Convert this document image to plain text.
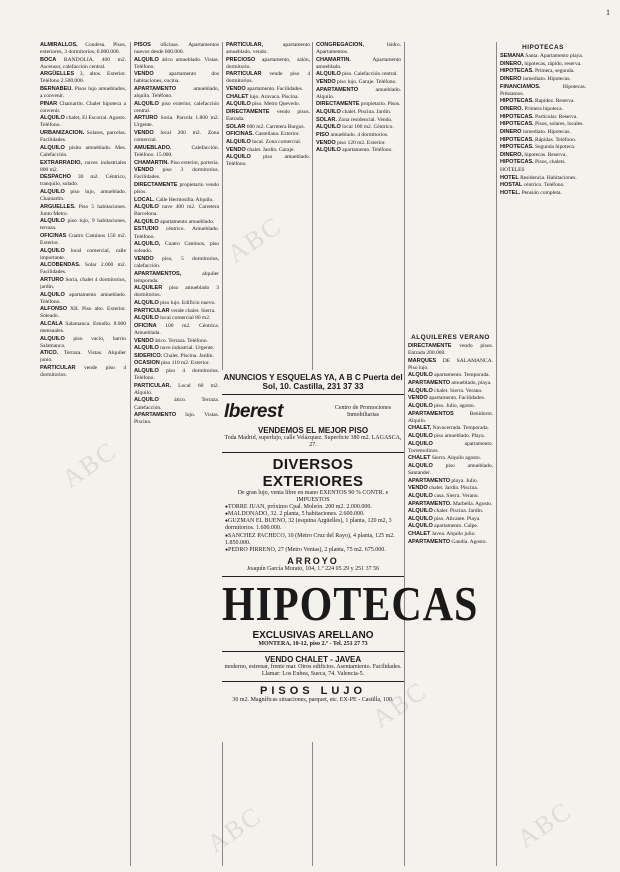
1

ALMIRALLOS, Condesa. Pisos, exteriores, 3 dormitorios, 6.000.000.

BOCA RANDOLIA. 400 m2. Ascensor, calefacción central.

ARGÜELLES 3, altos. Exterior. Teléfono 2.500.000.

BERNABEU. Pisos lujo amueblados, a convenir.

PINAR Chamartín. Chalet hipoteca a convenir.

ALQUILO chalet, El Escorial. Agosto. Teléfono.

URBANIZACION. Solares, parcelas. Facilidades.

ALQUILO pisito amueblado. Mes. Calefacción.

EXTRARRADIO, naves industriales 800 m2.

DESPACHO 30 m2. Céntrico, tranquilo, solado.

ALQUILO piso lujo, amueblado. Chamartín.

ARGUELLES. Piso 5 habitaciones. Junto Metro.

ALQUILO piso lujo, 9 habitaciones, terraza.

OFICINAS Cuatro Caminos 150 m2. Exterior.

ALQUILO local comercial, calle importante.

ALCOBENDAS. Solar 2.000 m2. Facilidades.

ARTURO Soria, chalet 4 dormitorios, jardín.

ALQUILO apartamento amueblado. Teléfono.

ALFONSO XII. Piso alto. Exterior. Soleado.

ALCALA Salamanca. Estudio. 8.000 mensuales.

ALQUILO piso vacío, barrio Salamanca.

ATICO. Terraza. Vistas. Alquiler junio.

PARTICULAR vende piso 4 dormitorios.

PISOS oficinas. Apartamentos nuevos desde 600.000.

ALQUILO ático amueblado. Vistas. Teléfono.

VENDO apartamento dos habitaciones, cocina.

APARTAMENTO amueblado, alquilo. Teléfono.

ALQUILO piso exterior, calefacción central.

ARTURO Soria. Parcela 1.800 m2. Urgente.

VENDO local 200 m2. Zona comercial.

AMUEBLADO. Calefacción. Teléfono. 15.000.

CHAMARTIN. Piso exterior, portería.

VENDO piso 3 dormitorios. Facilidades.

DIRECTAMENTE propietario vendo pisos.

LOCAL. Calle Hermosilla. Alquilo.

ALQUILO nave 400 m2. Carretera Barcelona.

ALQUILO apartamento amueblado.

ESTUDIO céntrico. Amueblado. Teléfono.

ALQUILO, Cuatro Caminos, piso soleado.

VENDO piso, 5 dormitorios, calefacción.

APARTAMENTOS, alquiler temporada.

ALQUILER piso amueblado 3 dormitorios.

ALQUILO piso lujo. Edificio nuevo.

PARTICULAR vende chalet. Sierra.

ALQUILO local comercial 80 m2.

OFICINA 100 m2. Céntrica. Amueblada.

VENDO ático. Terraza. Teléfono.

ALQUILO nave industrial. Urgente.

SIDERICO. Chalet. Piscina. Jardín.

OCASION piso 110 m2. Exterior.

ALQUILO piso 4 dormitorios. Teléfono.

PARTICULAR. Local 60 m2. Alquilo.

ALQUILO ático. Terraza. Calefacción.

APARTAMENTO lujo. Vistas. Piscina.

PARTICULAR, apartamento amueblado, vendo.

PRECIOSO apartamento, salón, dormitorio.

PARTICULAR vende piso 4 dormitorios.

VENDO apartamento. Facilidades.

CHALET lujo. Aravaca. Piscina.

ALQUILO piso. Metro Quevedo.

DIRECTAMENTE vendo pisos. Entrada.

SOLAR 600 m2. Carretera Burgos.

OFICINAS. Castellana. Exterior.

ALQUILO local. Zona comercial.

VENDO chalet. Jardín. Garaje.

ALQUILO piso amueblado. Teléfono.

CONGREGACION, Isidro. Apartamentos.

CHAMARTIN. Apartamento amueblado.

ALQUILO piso. Calefacción central.

VENDO piso lujo. Garaje. Teléfono.

APARTAMENTO amueblado. Alquilo.

DIRECTAMENTE propietario. Pisos.

ALQUILO chalet. Piscina. Jardín.

SOLAR. Zona residencial. Vendo.

ALQUILO local 100 m2. Céntrico.

PISO amueblado. 4 dormitorios.

VENDO piso 120 m2. Exterior.

ALQUILO apartamento. Teléfono.

ALQUILERES VERANO

DIRECTAMENTE vendo pisos. Entrada 200.000.

MARQUES DE SALAMANCA. Piso lujo.

ALQUILO apartamento. Temporada.

APARTAMENTO amueblado, playa.

ALQUILO chalet. Sierra. Verano.

VENDO apartamento. Facilidades.

ALQUILO piso. Julio, agosto.

APARTAMENTOS Benidorm. Alquilo.

CHALET, Navacerrada. Temporada.

ALQUILO piso amueblado. Playa.

ALQUILO apartamento. Torremolinos.

CHALET Sierra. Alquilo agosto.

ALQUILO piso amueblado, Santander.

APARTAMENTO playa. Julio.

VENDO chalet. Jardín. Piscina.

ALQUILO casa. Sierra. Verano.

APARTAMENTO. Marbella. Agosto.

ALQUILO chalet. Piscina. Jardín.

ALQUILO piso. Alicante. Playa.

ALQUILO apartamento. Calpe.

CHALET Javea. Alquilo julio.

APARTAMENTO Gandía. Agosto.

HIPOTECAS

SEMANA Santa. Apartamento playa.

DINERO, hipotecas, rápido, reserva.

HIPOTECAS. Primera, segunda.

DINERO inmediato. Hipotecas.

FINANCIAMOS. Hipotecas. Préstamos.

HIPOTECAS. Rapidez. Reserva.

DINERO. Primera hipoteca.

HIPOTECAS. Particular. Reserva.

HIPOTECAS. Pisos, solares, locales.

DINERO inmediato. Hipotecas.

HIPOTECAS. Rápidas. Teléfono.

HIPOTECAS. Segunda hipoteca.

DINERO, hipotecas. Reserva.

HIPOTECAS. Pisos, chalets.

HOTELES

HOTEL Residencia. Habitaciones.

HOSTAL céntrico. Teléfono.

HOTEL. Pensión completa.

ANUNCIOS Y ESQUELAS YA, A B C Puerta del Sol, 10. Castilla, 231 37 33
Iberest	Centro de Promociones Inmobiliarias
VENDEMOS EL MEJOR PISO
Toda Madrid, superlujo, calle Velázquez. Superficie 380 m2. LAGASCA, 27.
DIVERSOS EXTERIORES
De gran lujo, venta libre en mano EXENTOS 90 % CONTR. e IMPUESTOS
● TORRE JUAN, próximo Cpal. Moleón. 200 m2. 2.000.000.
● MALDONADO, 32. 2 planta, 5 habitaciones. 2.600.000.
● GUZMAN EL BUENO, 32 (esquina Argüelles), 1 planta, 120 m2, 3 dormitorios. 1.600.000.
● SANCHEZ PACHECO, 10 (Metro Cruz del Rayo), 4 planta, 125 m2. 1.850.000.
● PEDRO PIRRENO, 27 (Metro Ventas), 2 planta, 75 m2. 675.000.
ARROYO
Joaquín García Morato, 104, 1.º 224 05 29 y 251 37 56
HIPOTECAS
EXCLUSIVAS ARELLANO
MONTERA, 10-12, piso 2.º - Tel. 251 27 73
VENDO CHALET - JAVEA
moderno, estrenar, frente mar. Otros edificios. Asentamiento. Facilidades. Llamar: Los Eubea, Sueca, 74. Valencia-5.
PISOS LUJO
30 m2. Magníficas situaciones, parquet, etc. EX-PE - Castilla, 100.
ABC
ABC
ABC
ABC
ABC
